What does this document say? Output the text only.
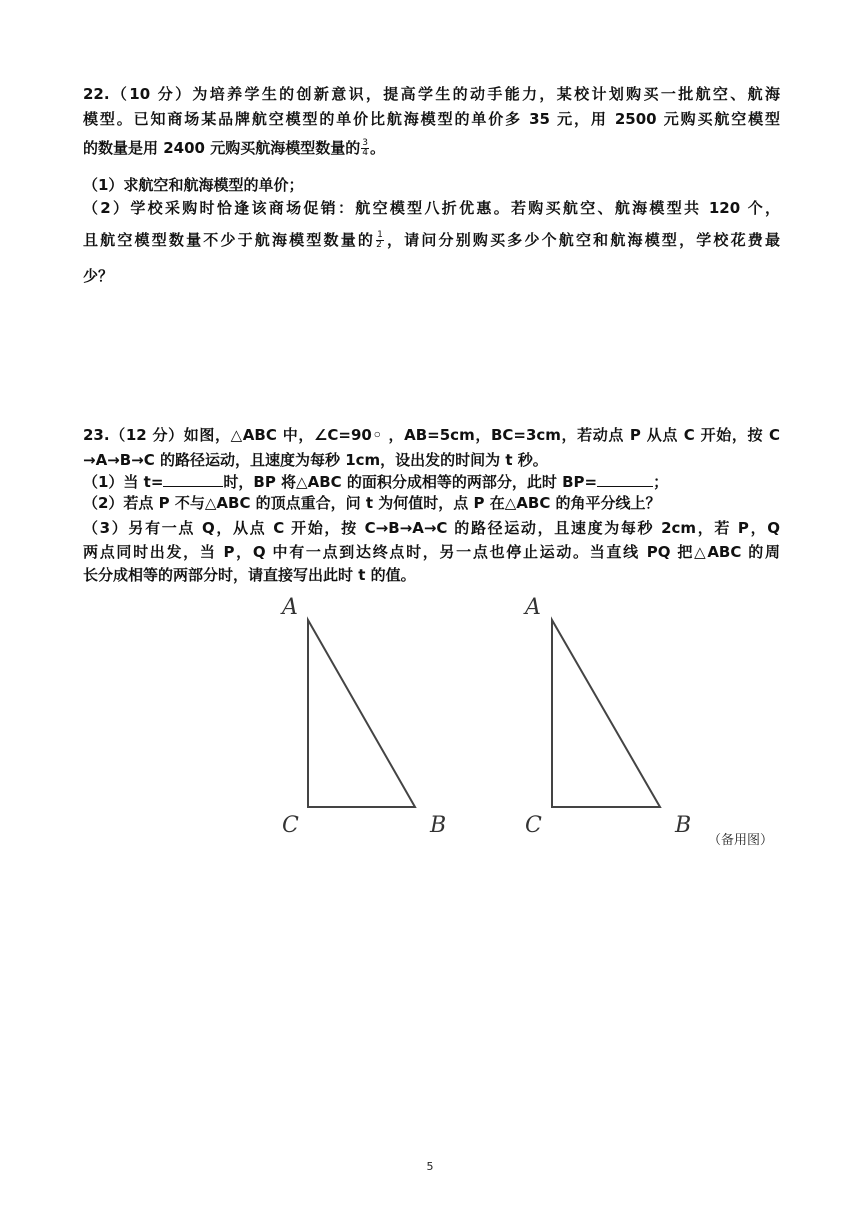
22.（10 分）为培养学生的创新意识，提高学生的动手能力，某校计划购买一批航空、航海
模型。已知商场某品牌航空模型的单价比航海模型的单价多 35 元，用 2500 元购买航空模型
的数量是用 2400 元购买航海模型数量的 $\frac{3}{4}$ 。
（1）求航空和航海模型的单价；
（2）学校采购时恰逢该商场促销：航空模型八折优惠。若购买航空、航海模型共 120 个，
且航空模型数量不少于航海模型数量的 $\frac{1}{2}$ ，请问分别购买多少个航空和航海模型，学校花费最
少？
23.（12 分）如图，△ABC 中，∠C=90◦ ，AB=5cm，BC=3cm，若动点 P 从点 C 开始，按 C
→A→B→C 的路径运动，且速度为每秒 1cm，设出发的时间为 t 秒。
（1）当 t=	时，BP 将△ABC 的面积分成相等的两部分，此时 BP=	；
（2）若点 P 不与△ABC 的顶点重合，问 t 为何值时，点 P 在△ABC 的角平分线上？
（3）另有一点 Q，从点 C 开始，按 C→B→A→C 的路径运动，且速度为每秒 2cm，若 P，Q
两点同时出发，当 P，Q 中有一点到达终点时，另一点也停止运动。当直线 PQ 把△ABC 的周
长分成相等的两部分时，请直接写出此时 t 的值。
A
C	B
A
C	B
（备用图）
5
